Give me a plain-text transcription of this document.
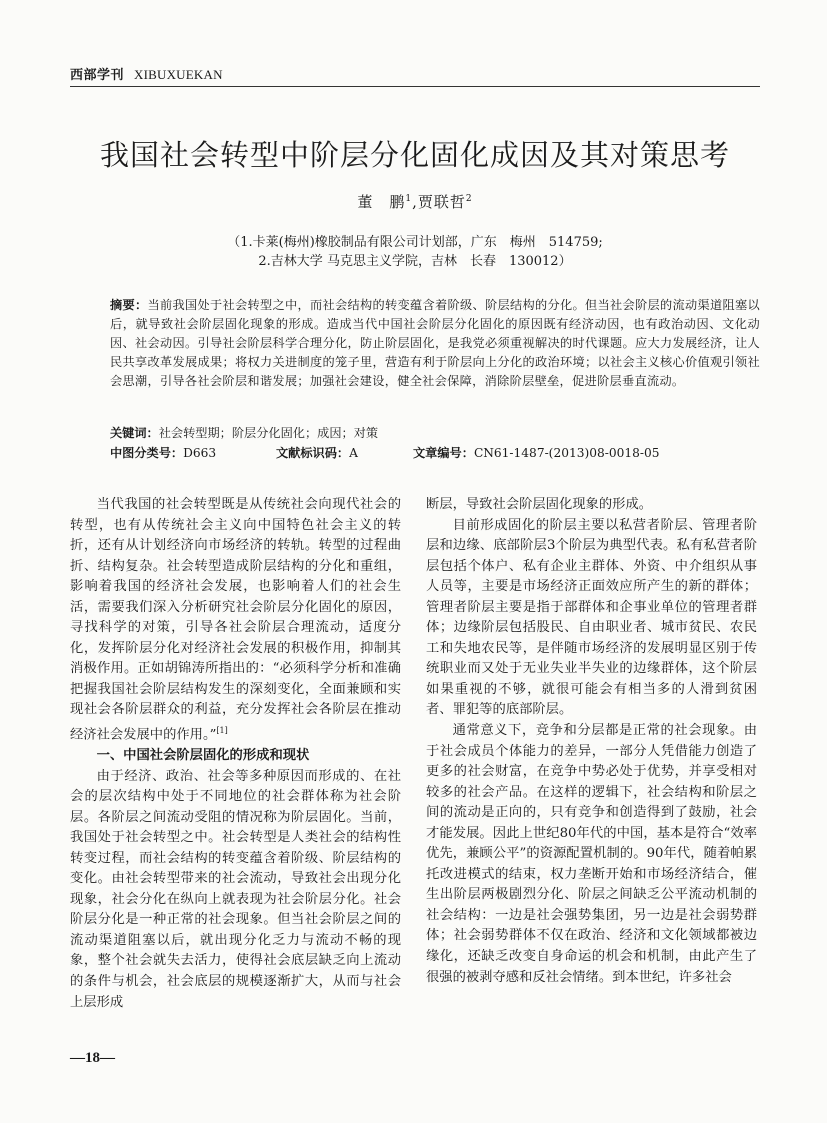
西部学刊 XIBUXUEKAN
我国社会转型中阶层分化固化成因及其对策思考
董　鹏$^1$,贾联哲$^2$
（1.卡莱(梅州)橡胶制品有限公司计划部，广东　梅州　514759;
2.吉林大学 马克思主义学院，吉林　长春　130012）
摘要：当前我国处于社会转型之中，而社会结构的转变蕴含着阶级、阶层结构的分化。但当社会阶层的流动渠道阻塞以后，就导致社会阶层固化现象的形成。造成当代中国社会阶层分化固化的原因既有经济动因，也有政治动因、文化动因、社会动因。引导社会阶层科学合理分化，防止阶层固化，是我党必须重视解决的时代课题。应大力发展经济，让人民共享改革发展成果；将权力关进制度的笼子里，营造有利于阶层向上分化的政治环境；以社会主义核心价值观引领社会思潮，引导各社会阶层和谐发展；加强社会建设，健全社会保障，消除阶层壁垒，促进阶层垂直流动。
关键词：社会转型期；阶层分化固化；成因；对策
中图分类号：D663	文献标识码：A	文章编号：CN61-1487-(2013)08-0018-05

当代我国的社会转型既是从传统社会向现代社会的转型，也有从传统社会主义向中国特色社会主义的转折，还有从计划经济向市场经济的转轨。转型的过程曲折、结构复杂。社会转型造成阶层结构的分化和重组，影响着我国的经济社会发展，也影响着人们的社会生活，需要我们深入分析研究社会阶层分化固化的原因，寻找科学的对策，引导各社会阶层合理流动，适度分化，发挥阶层分化对经济社会发展的积极作用，抑制其消极作用。正如胡锦涛所指出的：“必须科学分析和准确把握我国社会阶层结构发生的深刻变化，全面兼顾和实现社会各阶层群众的利益，充分发挥社会各阶层在推动经济社会发展中的作用。”[1]

一、中国社会阶层固化的形成和现状

由于经济、政治、社会等多种原因而形成的、在社会的层次结构中处于不同地位的社会群体称为社会阶层。各阶层之间流动受阻的情况称为阶层固化。当前，我国处于社会转型之中。社会转型是人类社会的结构性转变过程，而社会结构的转变蕴含着阶级、阶层结构的变化。由社会转型带来的社会流动，导致社会出现分化现象，社会分化在纵向上就表现为社会阶层分化。社会阶层分化是一种正常的社会现象。但当社会阶层之间的流动渠道阻塞以后，就出现分化乏力与流动不畅的现象，整个社会就失去活力，使得社会底层缺乏向上流动的条件与机会，社会底层的规模逐渐扩大，从而与社会上层形成

断层，导致社会阶层固化现象的形成。

目前形成固化的阶层主要以私营者阶层、管理者阶层和边缘、底部阶层3个阶层为典型代表。私有私营者阶层包括个体户、私有企业主群体、外资、中介组织从事人员等，主要是市场经济正面效应所产生的新的群体；管理者阶层主要是指于部群体和企事业单位的管理者群体；边缘阶层包括股民、自由职业者、城市贫民、农民工和失地农民等，是伴随市场经济的发展明显区别于传统职业而又处于无业失业半失业的边缘群体，这个阶层如果重视的不够，就很可能会有相当多的人滑到贫困者、罪犯等的底部阶层。

通常意义下，竞争和分层都是正常的社会现象。由于社会成员个体能力的差异，一部分人凭借能力创造了更多的社会财富，在竞争中势必处于优势，并享受相对较多的社会产品。在这样的逻辑下，社会结构和阶层之间的流动是正向的，只有竞争和创造得到了鼓励，社会才能发展。因此上世纪80年代的中国，基本是符合“效率优先，兼顾公平”的资源配置机制的。90年代，随着帕累托改进模式的结束，权力垄断开始和市场经济结合，催生出阶层两极剧烈分化、阶层之间缺乏公平流动机制的社会结构：一边是社会强势集团，另一边是社会弱势群体；社会弱势群体不仅在政治、经济和文化领域都被边缘化，还缺乏改变自身命运的机会和机制，由此产生了很强的被剥夺感和反社会情绪。到本世纪，许多社会

—18—
